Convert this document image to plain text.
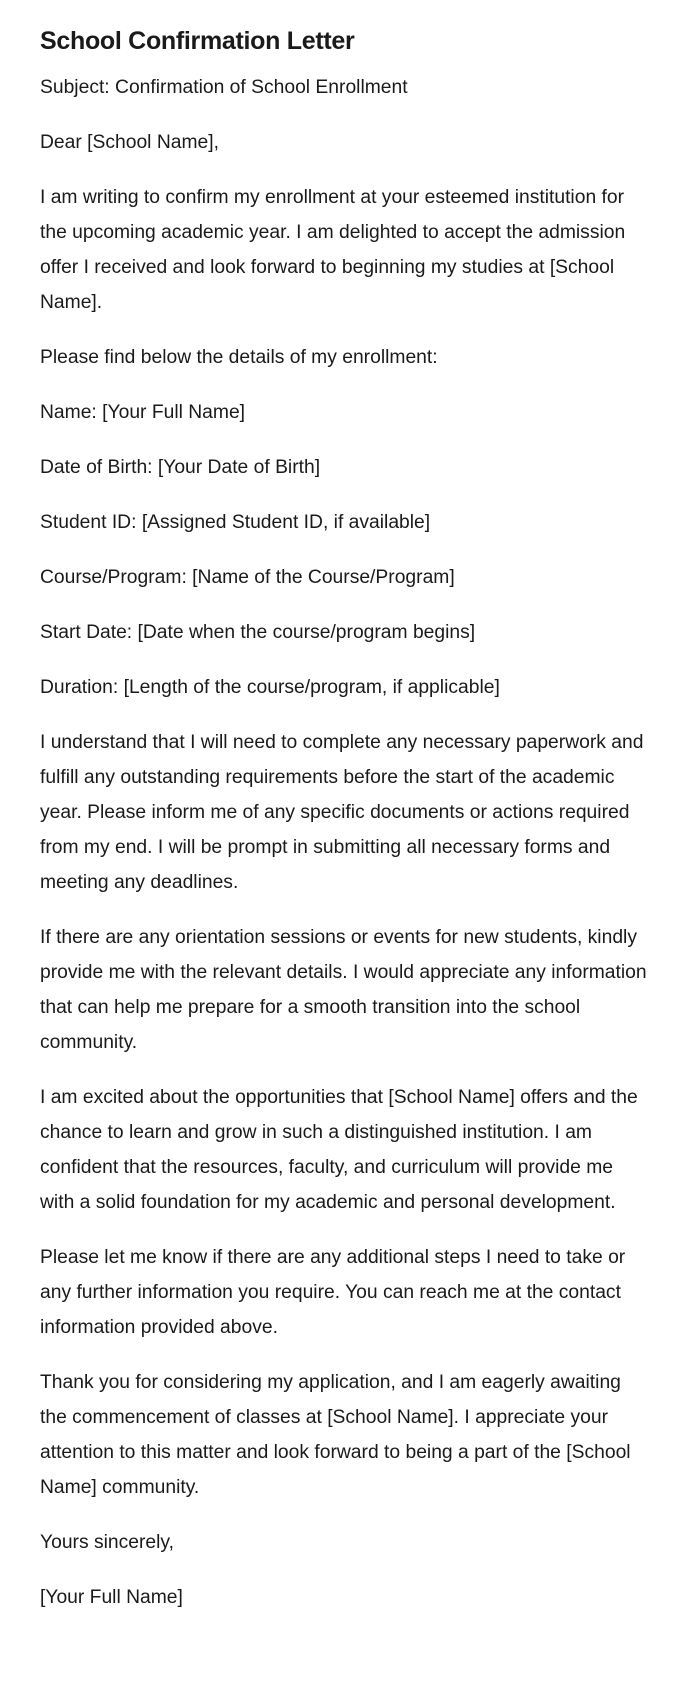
School Confirmation Letter

Subject: Confirmation of School Enrollment

Dear [School Name],

I am writing to confirm my enrollment at your esteemed institution for the upcoming academic year. I am delighted to accept the admission offer I received and look forward to beginning my studies at [School Name].

Please find below the details of my enrollment:

Name: [Your Full Name]

Date of Birth: [Your Date of Birth]

Student ID: [Assigned Student ID, if available]

Course/Program: [Name of the Course/Program]

Start Date: [Date when the course/program begins]

Duration: [Length of the course/program, if applicable]

I understand that I will need to complete any necessary paperwork and fulfill any outstanding requirements before the start of the academic year. Please inform me of any specific documents or actions required from my end. I will be prompt in submitting all necessary forms and meeting any deadlines.

If there are any orientation sessions or events for new students, kindly provide me with the relevant details. I would appreciate any information that can help me prepare for a smooth transition into the school community.

I am excited about the opportunities that [School Name] offers and the chance to learn and grow in such a distinguished institution. I am confident that the resources, faculty, and curriculum will provide me with a solid foundation for my academic and personal development.

Please let me know if there are any additional steps I need to take or any further information you require. You can reach me at the contact information provided above.

Thank you for considering my application, and I am eagerly awaiting the commencement of classes at [School Name]. I appreciate your attention to this matter and look forward to being a part of the [School Name] community.

Yours sincerely,

[Your Full Name]
